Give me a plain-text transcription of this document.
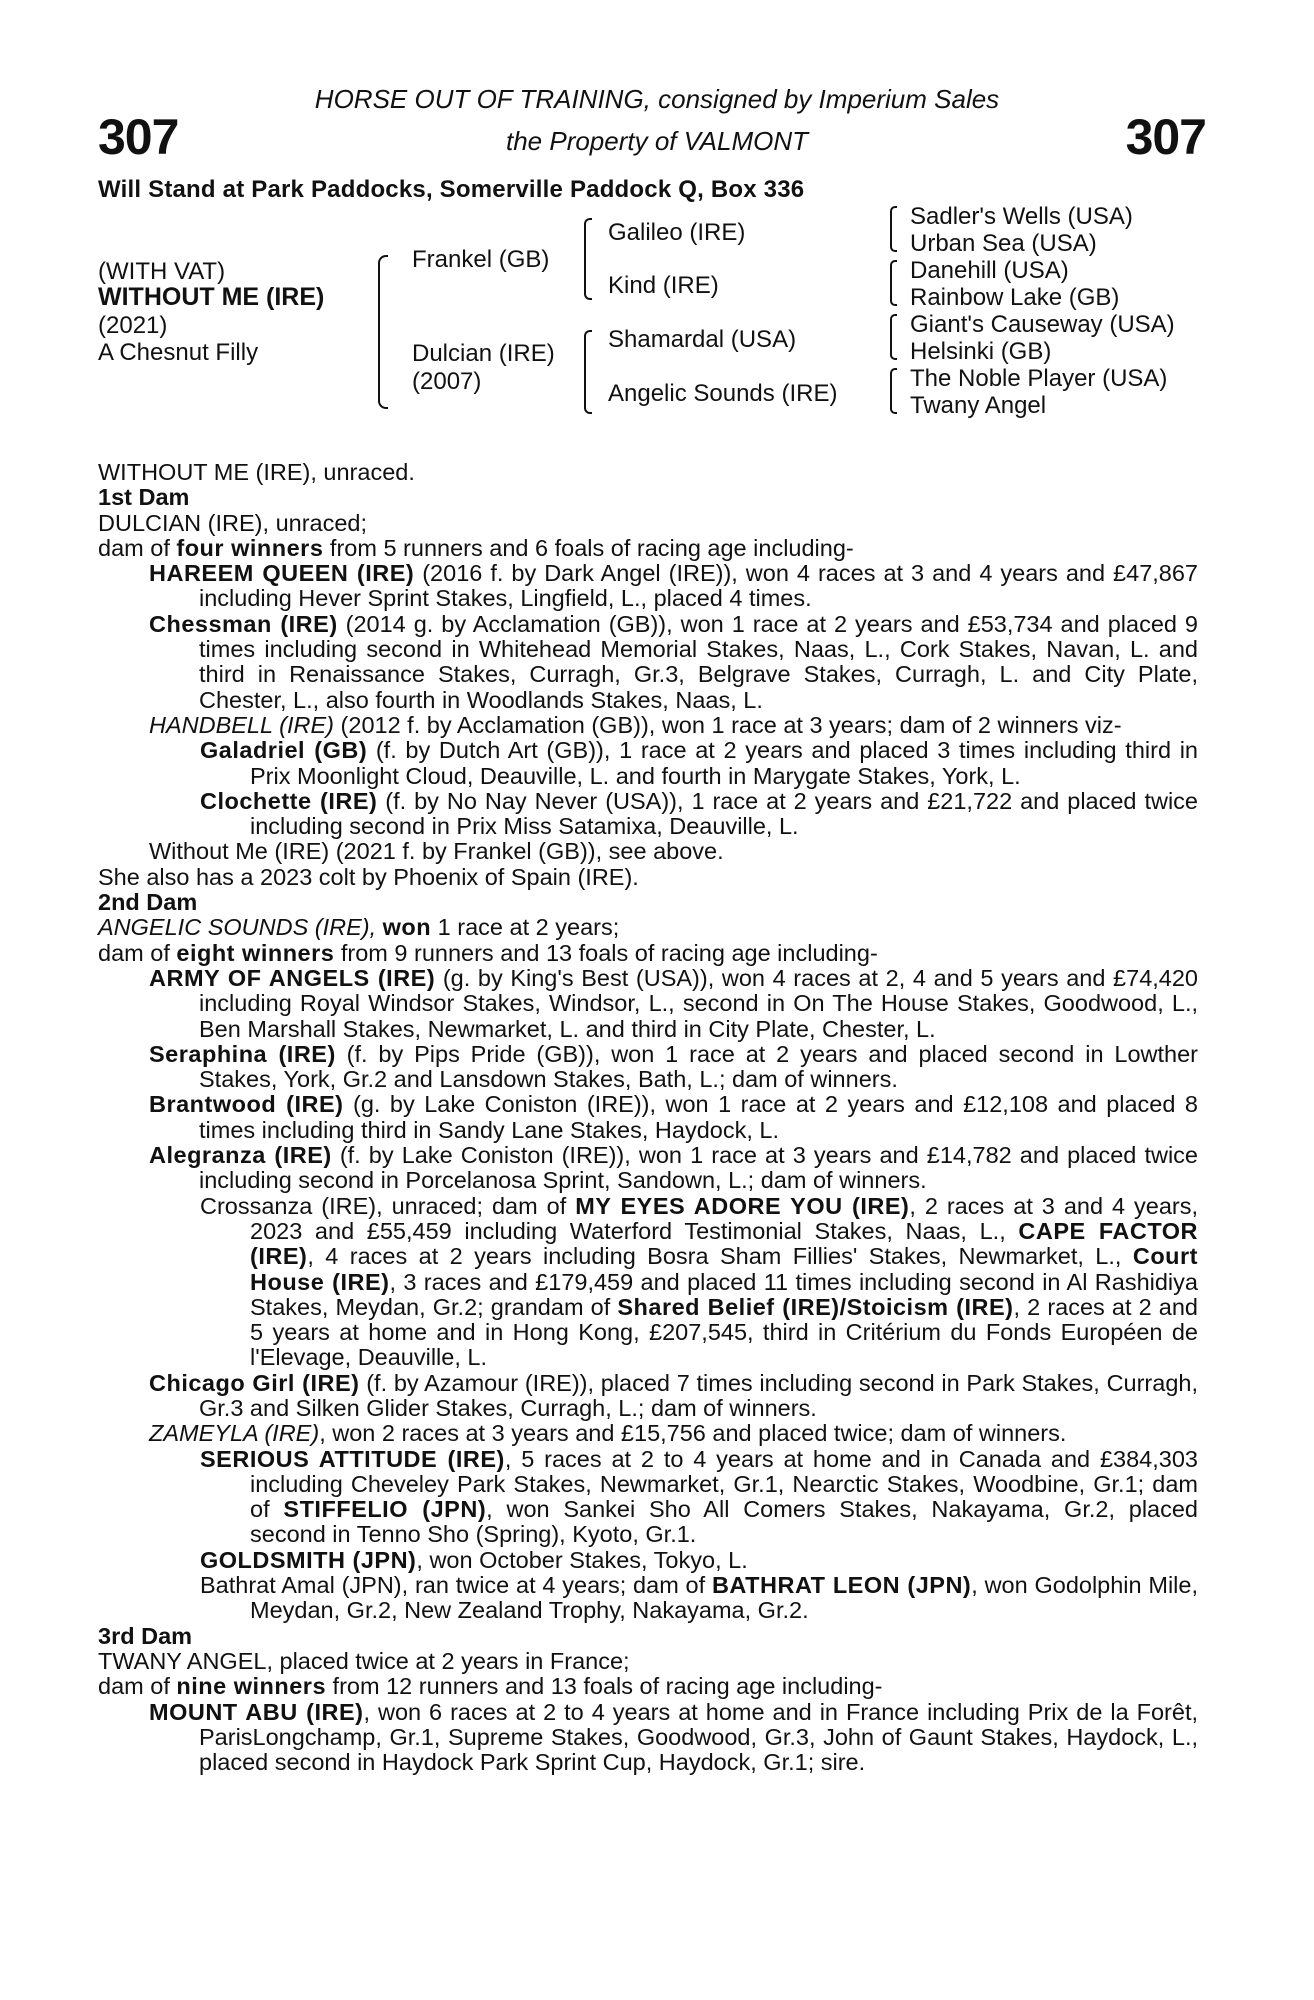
307	307
HORSE OUT OF TRAINING, consigned by Imperium Sales
the Property of VALMONT
Will Stand at Park Paddocks, Somerville Paddock Q, Box 336
(WITH VAT)
WITHOUT ME (IRE)
(2021)
A Chesnut Filly
Frankel (GB)
Dulcian (IRE)
(2007)
Galileo (IRE)
Kind (IRE)
Shamardal (USA)
Angelic Sounds (IRE)
Sadler's Wells (USA)
Urban Sea (USA)
Danehill (USA)
Rainbow Lake (GB)
Giant's Causeway (USA)
Helsinki (GB)
The Noble Player (USA)
Twany Angel

WITHOUT ME (IRE), unraced.

1st Dam

DULCIAN (IRE), unraced;

dam of four winners from 5 runners and 6 foals of racing age including-

HAREEM QUEEN (IRE) (2016 f. by Dark Angel (IRE)), won 4 races at 3 and 4 years and £47,867 including Hever Sprint Stakes, Lingfield, L., placed 4 times.

Chessman (IRE) (2014 g. by Acclamation (GB)), won 1 race at 2 years and £53,734 and placed 9 times including second in Whitehead Memorial Stakes, Naas, L., Cork Stakes, Navan, L. and third in Renaissance Stakes, Curragh, Gr.3, Belgrave Stakes, Curragh, L. and City Plate, Chester, L., also fourth in Woodlands Stakes, Naas, L.

HANDBELL (IRE) (2012 f. by Acclamation (GB)), won 1 race at 3 years; dam of 2 winners viz-

Galadriel (GB) (f. by Dutch Art (GB)), 1 race at 2 years and placed 3 times including third in Prix Moonlight Cloud, Deauville, L. and fourth in Marygate Stakes, York, L.

Clochette (IRE) (f. by No Nay Never (USA)), 1 race at 2 years and £21,722 and placed twice including second in Prix Miss Satamixa, Deauville, L.

Without Me (IRE) (2021 f. by Frankel (GB)), see above.

She also has a 2023 colt by Phoenix of Spain (IRE).

2nd Dam

ANGELIC SOUNDS (IRE), won 1 race at 2 years;

dam of eight winners from 9 runners and 13 foals of racing age including-

ARMY OF ANGELS (IRE) (g. by King's Best (USA)), won 4 races at 2, 4 and 5 years and £74,420 including Royal Windsor Stakes, Windsor, L., second in On The House Stakes, Goodwood, L., Ben Marshall Stakes, Newmarket, L. and third in City Plate, Chester, L.

Seraphina (IRE) (f. by Pips Pride (GB)), won 1 race at 2 years and placed second in Lowther Stakes, York, Gr.2 and Lansdown Stakes, Bath, L.; dam of winners.

Brantwood (IRE) (g. by Lake Coniston (IRE)), won 1 race at 2 years and £12,108 and placed 8 times including third in Sandy Lane Stakes, Haydock, L.

Alegranza (IRE) (f. by Lake Coniston (IRE)), won 1 race at 3 years and £14,782 and placed twice including second in Porcelanosa Sprint, Sandown, L.; dam of winners.

Crossanza (IRE), unraced; dam of MY EYES ADORE YOU (IRE), 2 races at 3 and 4 years, 2023 and £55,459 including Waterford Testimonial Stakes, Naas, L., CAPE FACTOR (IRE), 4 races at 2 years including Bosra Sham Fillies' Stakes, Newmarket, L., Court House (IRE), 3 races and £179,459 and placed 11 times including second in Al Rashidiya Stakes, Meydan, Gr.2; grandam of Shared Belief (IRE)/Stoicism (IRE), 2 races at 2 and 5 years at home and in Hong Kong, £207,545, third in Critérium du Fonds Européen de l'Elevage, Deauville, L.

Chicago Girl (IRE) (f. by Azamour (IRE)), placed 7 times including second in Park Stakes, Curragh, Gr.3 and Silken Glider Stakes, Curragh, L.; dam of winners.

ZAMEYLA (IRE), won 2 races at 3 years and £15,756 and placed twice; dam of winners.

SERIOUS ATTITUDE (IRE), 5 races at 2 to 4 years at home and in Canada and £384,303 including Cheveley Park Stakes, Newmarket, Gr.1, Nearctic Stakes, Woodbine, Gr.1; dam of STIFFELIO (JPN), won Sankei Sho All Comers Stakes, Nakayama, Gr.2, placed second in Tenno Sho (Spring), Kyoto, Gr.1.

GOLDSMITH (JPN), won October Stakes, Tokyo, L.

Bathrat Amal (JPN), ran twice at 4 years; dam of BATHRAT LEON (JPN), won Godolphin Mile, Meydan, Gr.2, New Zealand Trophy, Nakayama, Gr.2.

3rd Dam

TWANY ANGEL, placed twice at 2 years in France;

dam of nine winners from 12 runners and 13 foals of racing age including-

MOUNT ABU (IRE), won 6 races at 2 to 4 years at home and in France including Prix de la Forêt, ParisLongchamp, Gr.1, Supreme Stakes, Goodwood, Gr.3, John of Gaunt Stakes, Haydock, L., placed second in Haydock Park Sprint Cup, Haydock, Gr.1; sire.
